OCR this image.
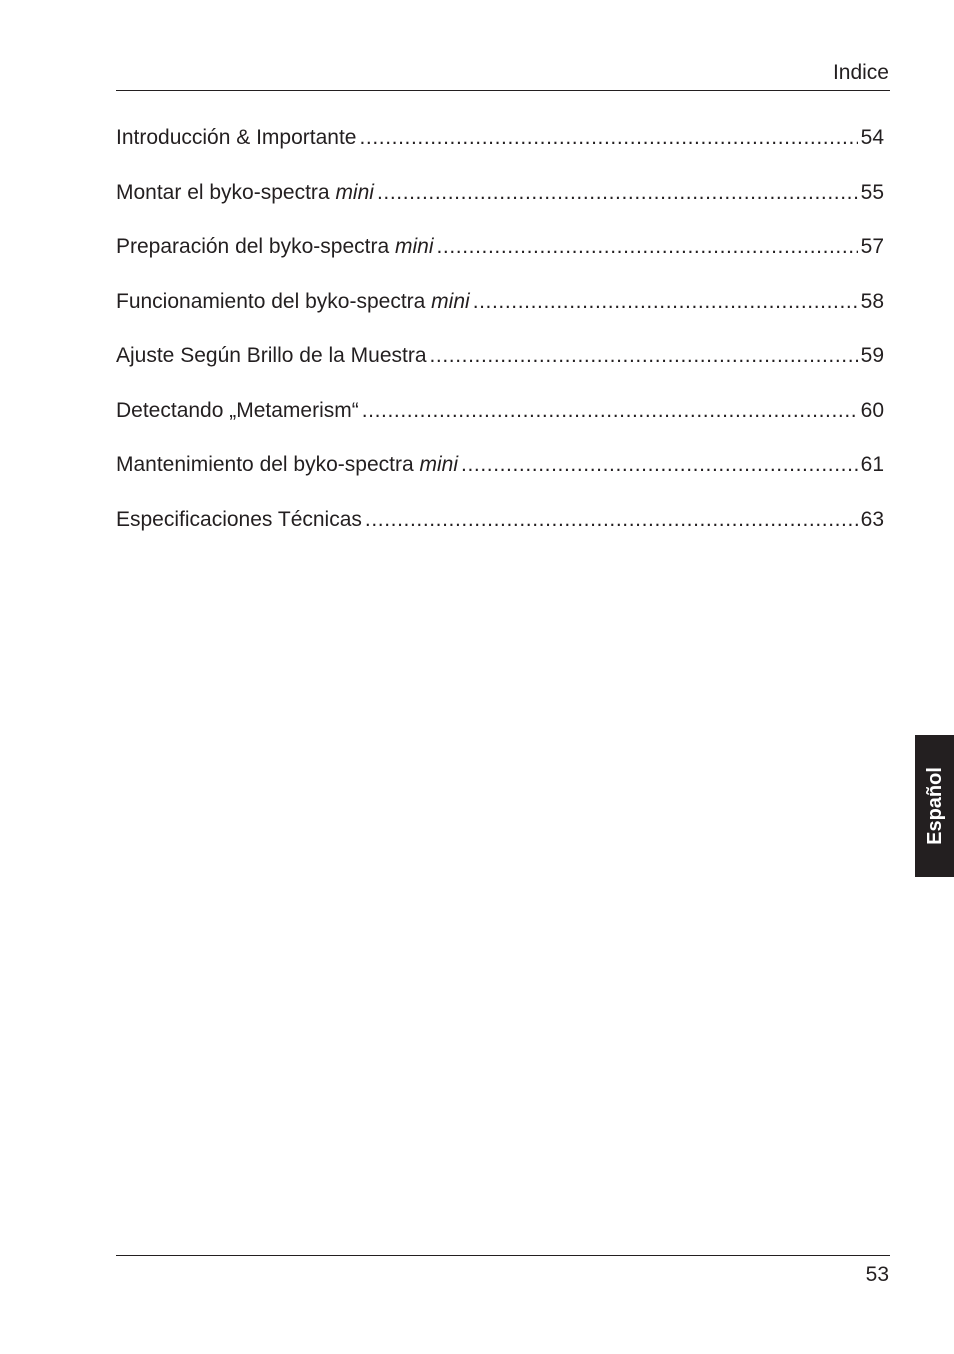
Indice
Introducción & Importante .....	54
Montar el byko-spectra mini .....	55
Preparación del byko-spectra mini .....	57
Funcionamiento del byko-spectra mini .....	58
Ajuste Según Brillo de la Muestra .....	59
Detectando „Metamerism“ .....	60
Mantenimiento del byko-spectra mini .....	61
Especificaciones Técnicas .....	63
Español
53
